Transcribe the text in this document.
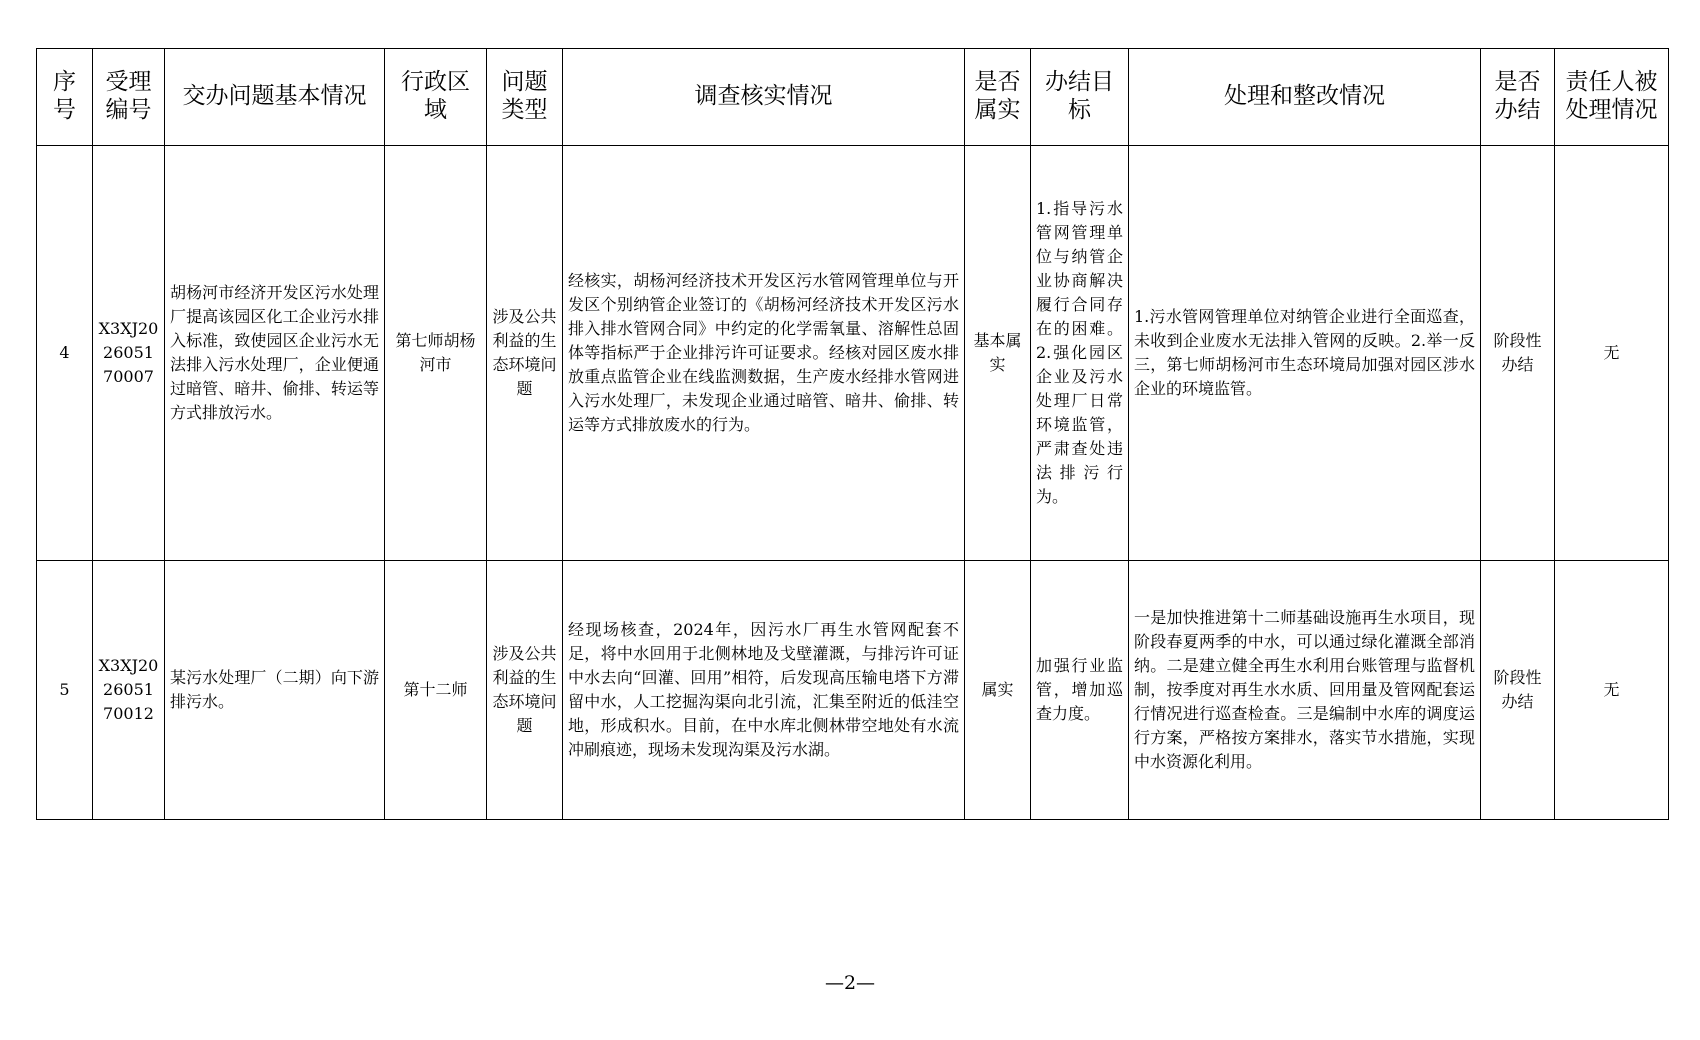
序号	受理编号	交办问题基本情况	行政区域	问题类型	调查核实情况	是否属实	办结目标	处理和整改情况	是否办结	责任人被处理情况
4	X3XJ202605170007	胡杨河市经济开发区污水处理厂提高该园区化工企业污水排入标准，致使园区企业污水无法排入污水处理厂，企业便通过暗管、暗井、偷排、转运等方式排放污水。	第七师胡杨河市	涉及公共利益的生态环境问题	经核实，胡杨河经济技术开发区污水管网管理单位与开发区个别纳管企业签订的《胡杨河经济技术开发区污水排入排水管网合同》中约定的化学需氧量、溶解性总固体等指标严于企业排污许可证要求。经核对园区废水排放重点监管企业在线监测数据，生产废水经排水管网进入污水处理厂，未发现企业通过暗管、暗井、偷排、转运等方式排放废水的行为。	基本属实	1.指导污水管网管理单位与纳管企业协商解决履行合同存在的困难。2.强化园区企业及污水处理厂日常环境监管，严肃查处违法排污行为。	1.污水管网管理单位对纳管企业进行全面巡查，未收到企业废水无法排入管网的反映。2.举一反三，第七师胡杨河市生态环境局加强对园区涉水企业的环境监管。	阶段性办结	无
5	X3XJ202605170012	某污水处理厂（二期）向下游排污水。	第十二师	涉及公共利益的生态环境问题	经现场核查，2024年，因污水厂再生水管网配套不足，将中水回用于北侧林地及戈壁灌溉，与排污许可证中水去向“回灌、回用”相符，后发现高压输电塔下方滞留中水，人工挖掘沟渠向北引流，汇集至附近的低洼空地，形成积水。目前，在中水库北侧林带空地处有水流冲刷痕迹，现场未发现沟渠及污水湖。	属实	加强行业监管，增加巡查力度。	一是加快推进第十二师基础设施再生水项目，现阶段春夏两季的中水，可以通过绿化灌溉全部消纳。二是建立健全再生水利用台账管理与监督机制，按季度对再生水水质、回用量及管网配套运行情况进行巡查检查。三是编制中水库的调度运行方案，严格按方案排水，落实节水措施，实现中水资源化利用。	阶段性办结	无
—2—
